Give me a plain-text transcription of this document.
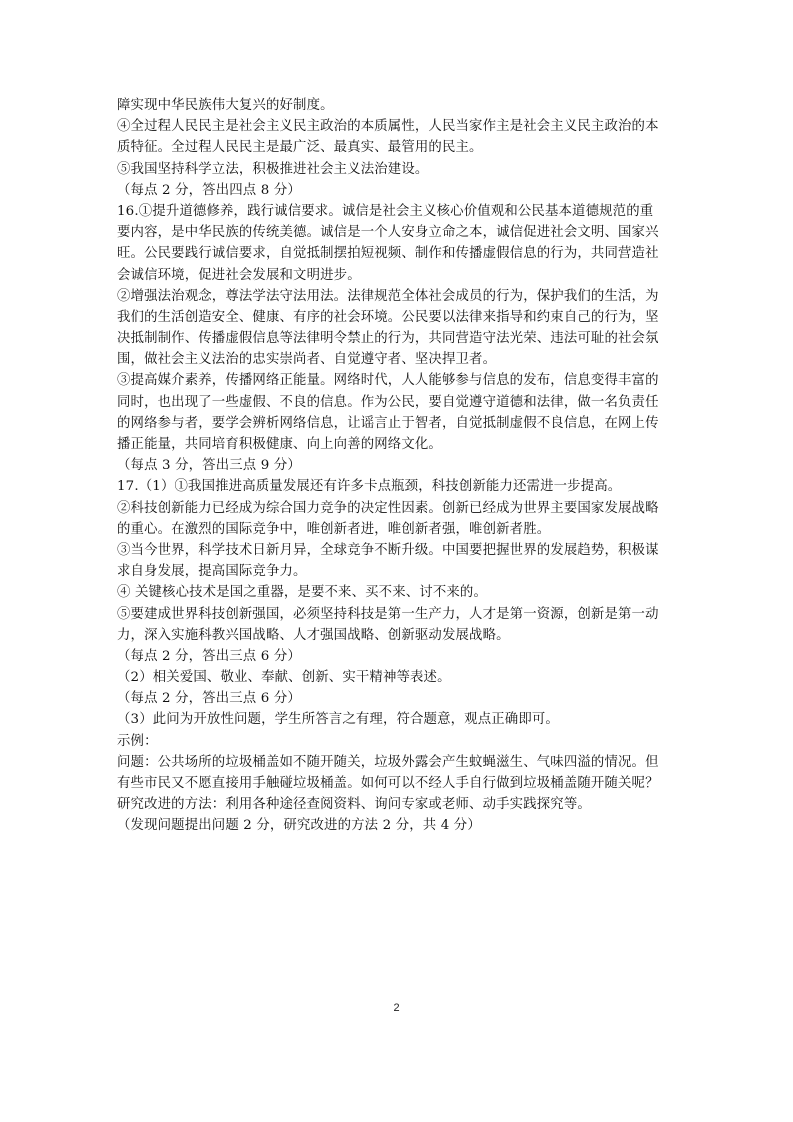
障实现中华民族伟大复兴的好制度。
④全过程人民民主是社会主义民主政治的本质属性，人民当家作主是社会主义民主政治的本
质特征。全过程人民民主是最广泛、最真实、最管用的民主。
⑤我国坚持科学立法，积极推进社会主义法治建设。
（每点 2 分，答出四点 8 分）
16.①提升道德修养，践行诚信要求。诚信是社会主义核心价值观和公民基本道德规范的重
要内容，是中华民族的传统美德。诚信是一个人安身立命之本，诚信促进社会文明、国家兴
旺。公民要践行诚信要求，自觉抵制摆拍短视频、制作和传播虚假信息的行为，共同营造社
会诚信环境，促进社会发展和文明进步。
②增强法治观念，尊法学法守法用法。法律规范全体社会成员的行为，保护我们的生活，为
我们的生活创造安全、健康、有序的社会环境。公民要以法律来指导和约束自己的行为，坚
决抵制制作、传播虚假信息等法律明令禁止的行为，共同营造守法光荣、违法可耻的社会氛
围，做社会主义法治的忠实崇尚者、自觉遵守者、坚决捍卫者。
③提高媒介素养，传播网络正能量。网络时代，人人能够参与信息的发布，信息变得丰富的
同时，也出现了一些虚假、不良的信息。作为公民，要自觉遵守道德和法律，做一名负责任
的网络参与者，要学会辨析网络信息，让谣言止于智者，自觉抵制虚假不良信息，在网上传
播正能量，共同培育积极健康、向上向善的网络文化。
（每点 3 分，答出三点 9 分）
17.（1）①我国推进高质量发展还有许多卡点瓶颈，科技创新能力还需进一步提高。
②科技创新能力已经成为综合国力竞争的决定性因素。创新已经成为世界主要国家发展战略
的重心。在激烈的国际竞争中，唯创新者进，唯创新者强，唯创新者胜。
③当今世界，科学技术日新月异，全球竞争不断升级。中国要把握世界的发展趋势，积极谋
求自身发展，提高国际竞争力。
④ 关键核心技术是国之重器，是要不来、买不来、讨不来的。
⑤要建成世界科技创新强国，必须坚持科技是第一生产力，人才是第一资源，创新是第一动
力，深入实施科教兴国战略、人才强国战略、创新驱动发展战略。
（每点 2 分，答出三点 6 分）
（2）相关爱国、敬业、奉献、创新、实干精神等表述。
（每点 2 分，答出三点 6 分）
（3）此问为开放性问题，学生所答言之有理，符合题意，观点正确即可。
示例：
问题：公共场所的垃圾桶盖如不随开随关，垃圾外露会产生蚊蝇滋生、气味四溢的情况。但
有些市民又不愿直接用手触碰垃圾桶盖。如何可以不经人手自行做到垃圾桶盖随开随关呢？
研究改进的方法：利用各种途径查阅资料、询问专家或老师、动手实践探究等。
（发现问题提出问题 2 分，研究改进的方法 2 分，共 4 分）
2
